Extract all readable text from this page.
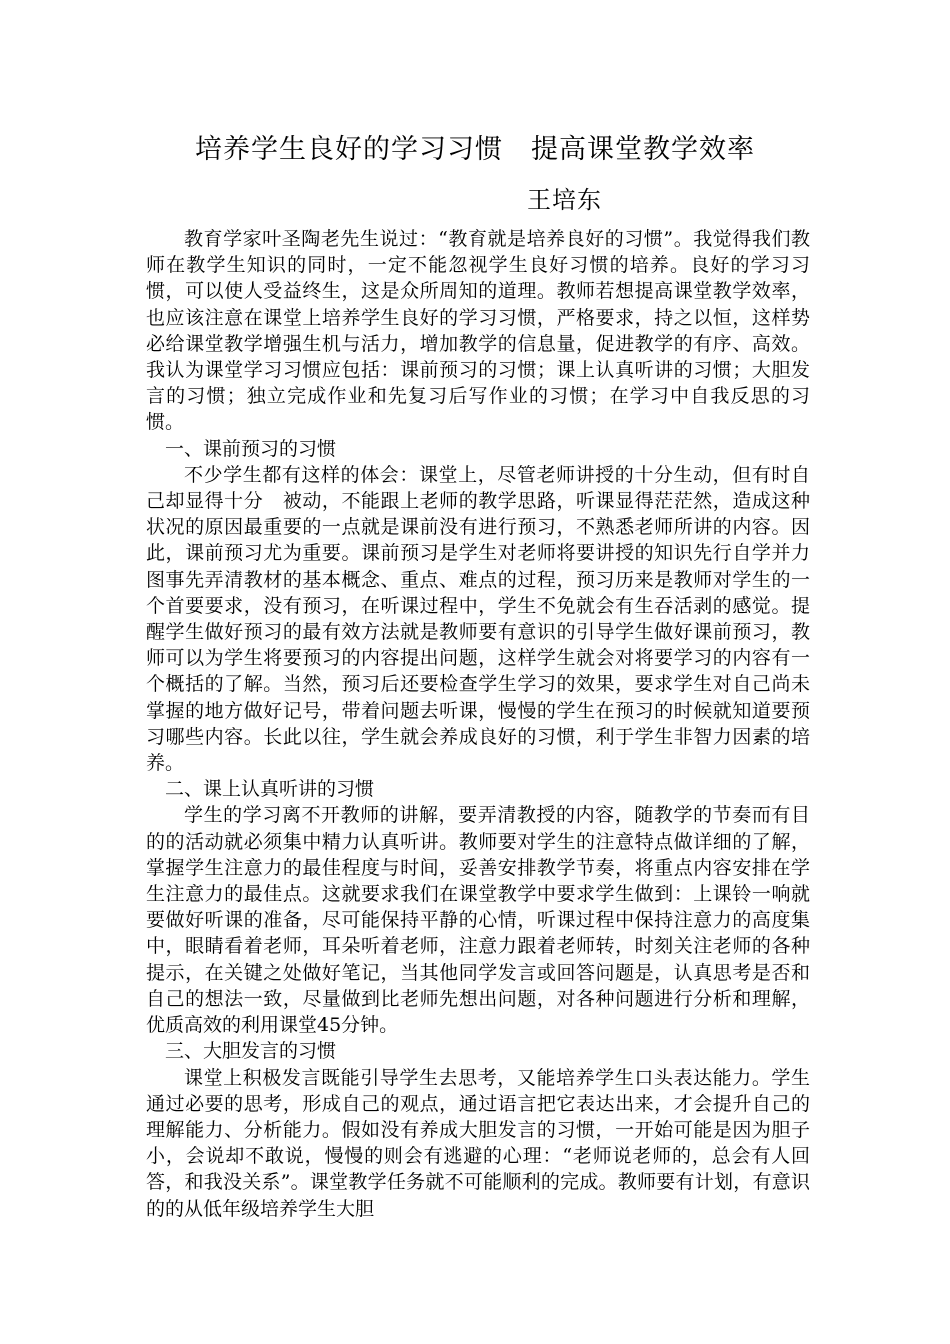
培养学生良好的学习习惯　提高课堂教学效率
王培东

教育学家叶圣陶老先生说过：“教育就是培养良好的习惯”。我觉得我们教师在教学生知识的同时，一定不能忽视学生良好习惯的培养。良好的学习习惯，可以使人受益终生，这是众所周知的道理。教师若想提高课堂教学效率，也应该注意在课堂上培养学生良好的学习习惯，严格要求，持之以恒，这样势必给课堂教学增强生机与活力，增加教学的信息量，促进教学的有序、高效。我认为课堂学习习惯应包括：课前预习的习惯；课上认真听讲的习惯；大胆发言的习惯；独立完成作业和先复习后写作业的习惯；在学习中自我反思的习惯。

一、课前预习的习惯

不少学生都有这样的体会：课堂上，尽管老师讲授的十分生动，但有时自己却显得十分　被动，不能跟上老师的教学思路，听课显得茫茫然，造成这种状况的原因最重要的一点就是课前没有进行预习，不熟悉老师所讲的内容。因此，课前预习尤为重要。课前预习是学生对老师将要讲授的知识先行自学并力图事先弄清教材的基本概念、重点、难点的过程，预习历来是教师对学生的一个首要要求，没有预习，在听课过程中，学生不免就会有生吞活剥的感觉。提醒学生做好预习的最有效方法就是教师要有意识的引导学生做好课前预习，教师可以为学生将要预习的内容提出问题，这样学生就会对将要学习的内容有一个概括的了解。当然，预习后还要检查学生学习的效果，要求学生对自己尚未掌握的地方做好记号，带着问题去听课，慢慢的学生在预习的时候就知道要预习哪些内容。长此以往，学生就会养成良好的习惯，利于学生非智力因素的培养。

二、课上认真听讲的习惯

学生的学习离不开教师的讲解，要弄清教授的内容，随教学的节奏而有目的的活动就必须集中精力认真听讲。教师要对学生的注意特点做详细的了解，掌握学生注意力的最佳程度与时间，妥善安排教学节奏，将重点内容安排在学生注意力的最佳点。这就要求我们在课堂教学中要求学生做到：上课铃一响就要做好听课的准备，尽可能保持平静的心情，听课过程中保持注意力的高度集中，眼睛看着老师，耳朵听着老师，注意力跟着老师转，时刻关注老师的各种提示，在关键之处做好笔记，当其他同学发言或回答问题是，认真思考是否和自己的想法一致，尽量做到比老师先想出问题，对各种问题进行分析和理解，优质高效的利用课堂45分钟。

三、大胆发言的习惯

课堂上积极发言既能引导学生去思考，又能培养学生口头表达能力。学生通过必要的思考，形成自己的观点，通过语言把它表达出来，才会提升自己的理解能力、分析能力。假如没有养成大胆发言的习惯，一开始可能是因为胆子小，会说却不敢说，慢慢的则会有逃避的心理：“老师说老师的，总会有人回答，和我没关系”。课堂教学任务就不可能顺利的完成。教师要有计划，有意识的的从低年级培养学生大胆
